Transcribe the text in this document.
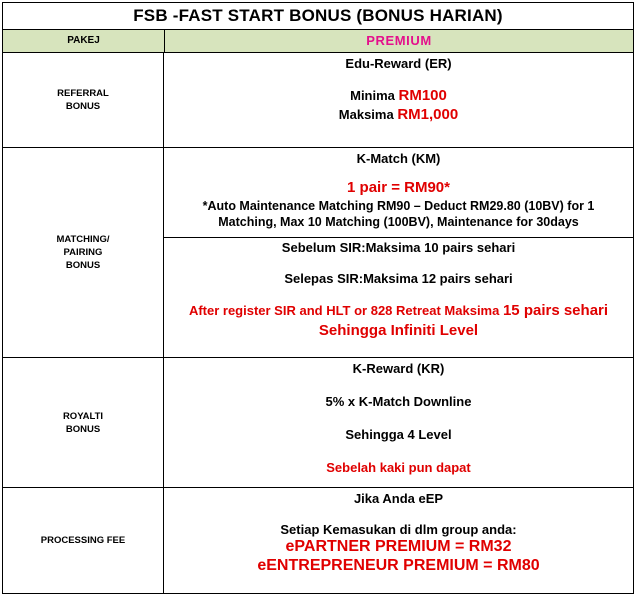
FSB -FAST START BONUS (BONUS HARIAN)
PAKEJ	PREMIUM
REFERRAL
BONUS
Edu-Reward (ER)
Minima RM100
Maksima RM1,000
MATCHING/
PAIRING
BONUS
K-Match (KM)
1 pair = RM90*
*Auto Maintenance Matching RM90 – Deduct RM29.80 (10BV) for 1
Matching, Max 10 Matching (100BV), Maintenance for 30days
Sebelum SIR:Maksima 10 pairs sehari
Selepas SIR:Maksima 12 pairs sehari
After register SIR and HLT or 828 Retreat Maksima 15 pairs sehari
Sehingga Infiniti Level
ROYALTI
BONUS
K-Reward (KR)
5% x K-Match Downline
Sehingga 4 Level
Sebelah kaki pun dapat
PROCESSING FEE
Jika Anda eEP
Setiap Kemasukan di dlm group anda:
ePARTNER PREMIUM = RM32
eENTREPRENEUR PREMIUM = RM80
